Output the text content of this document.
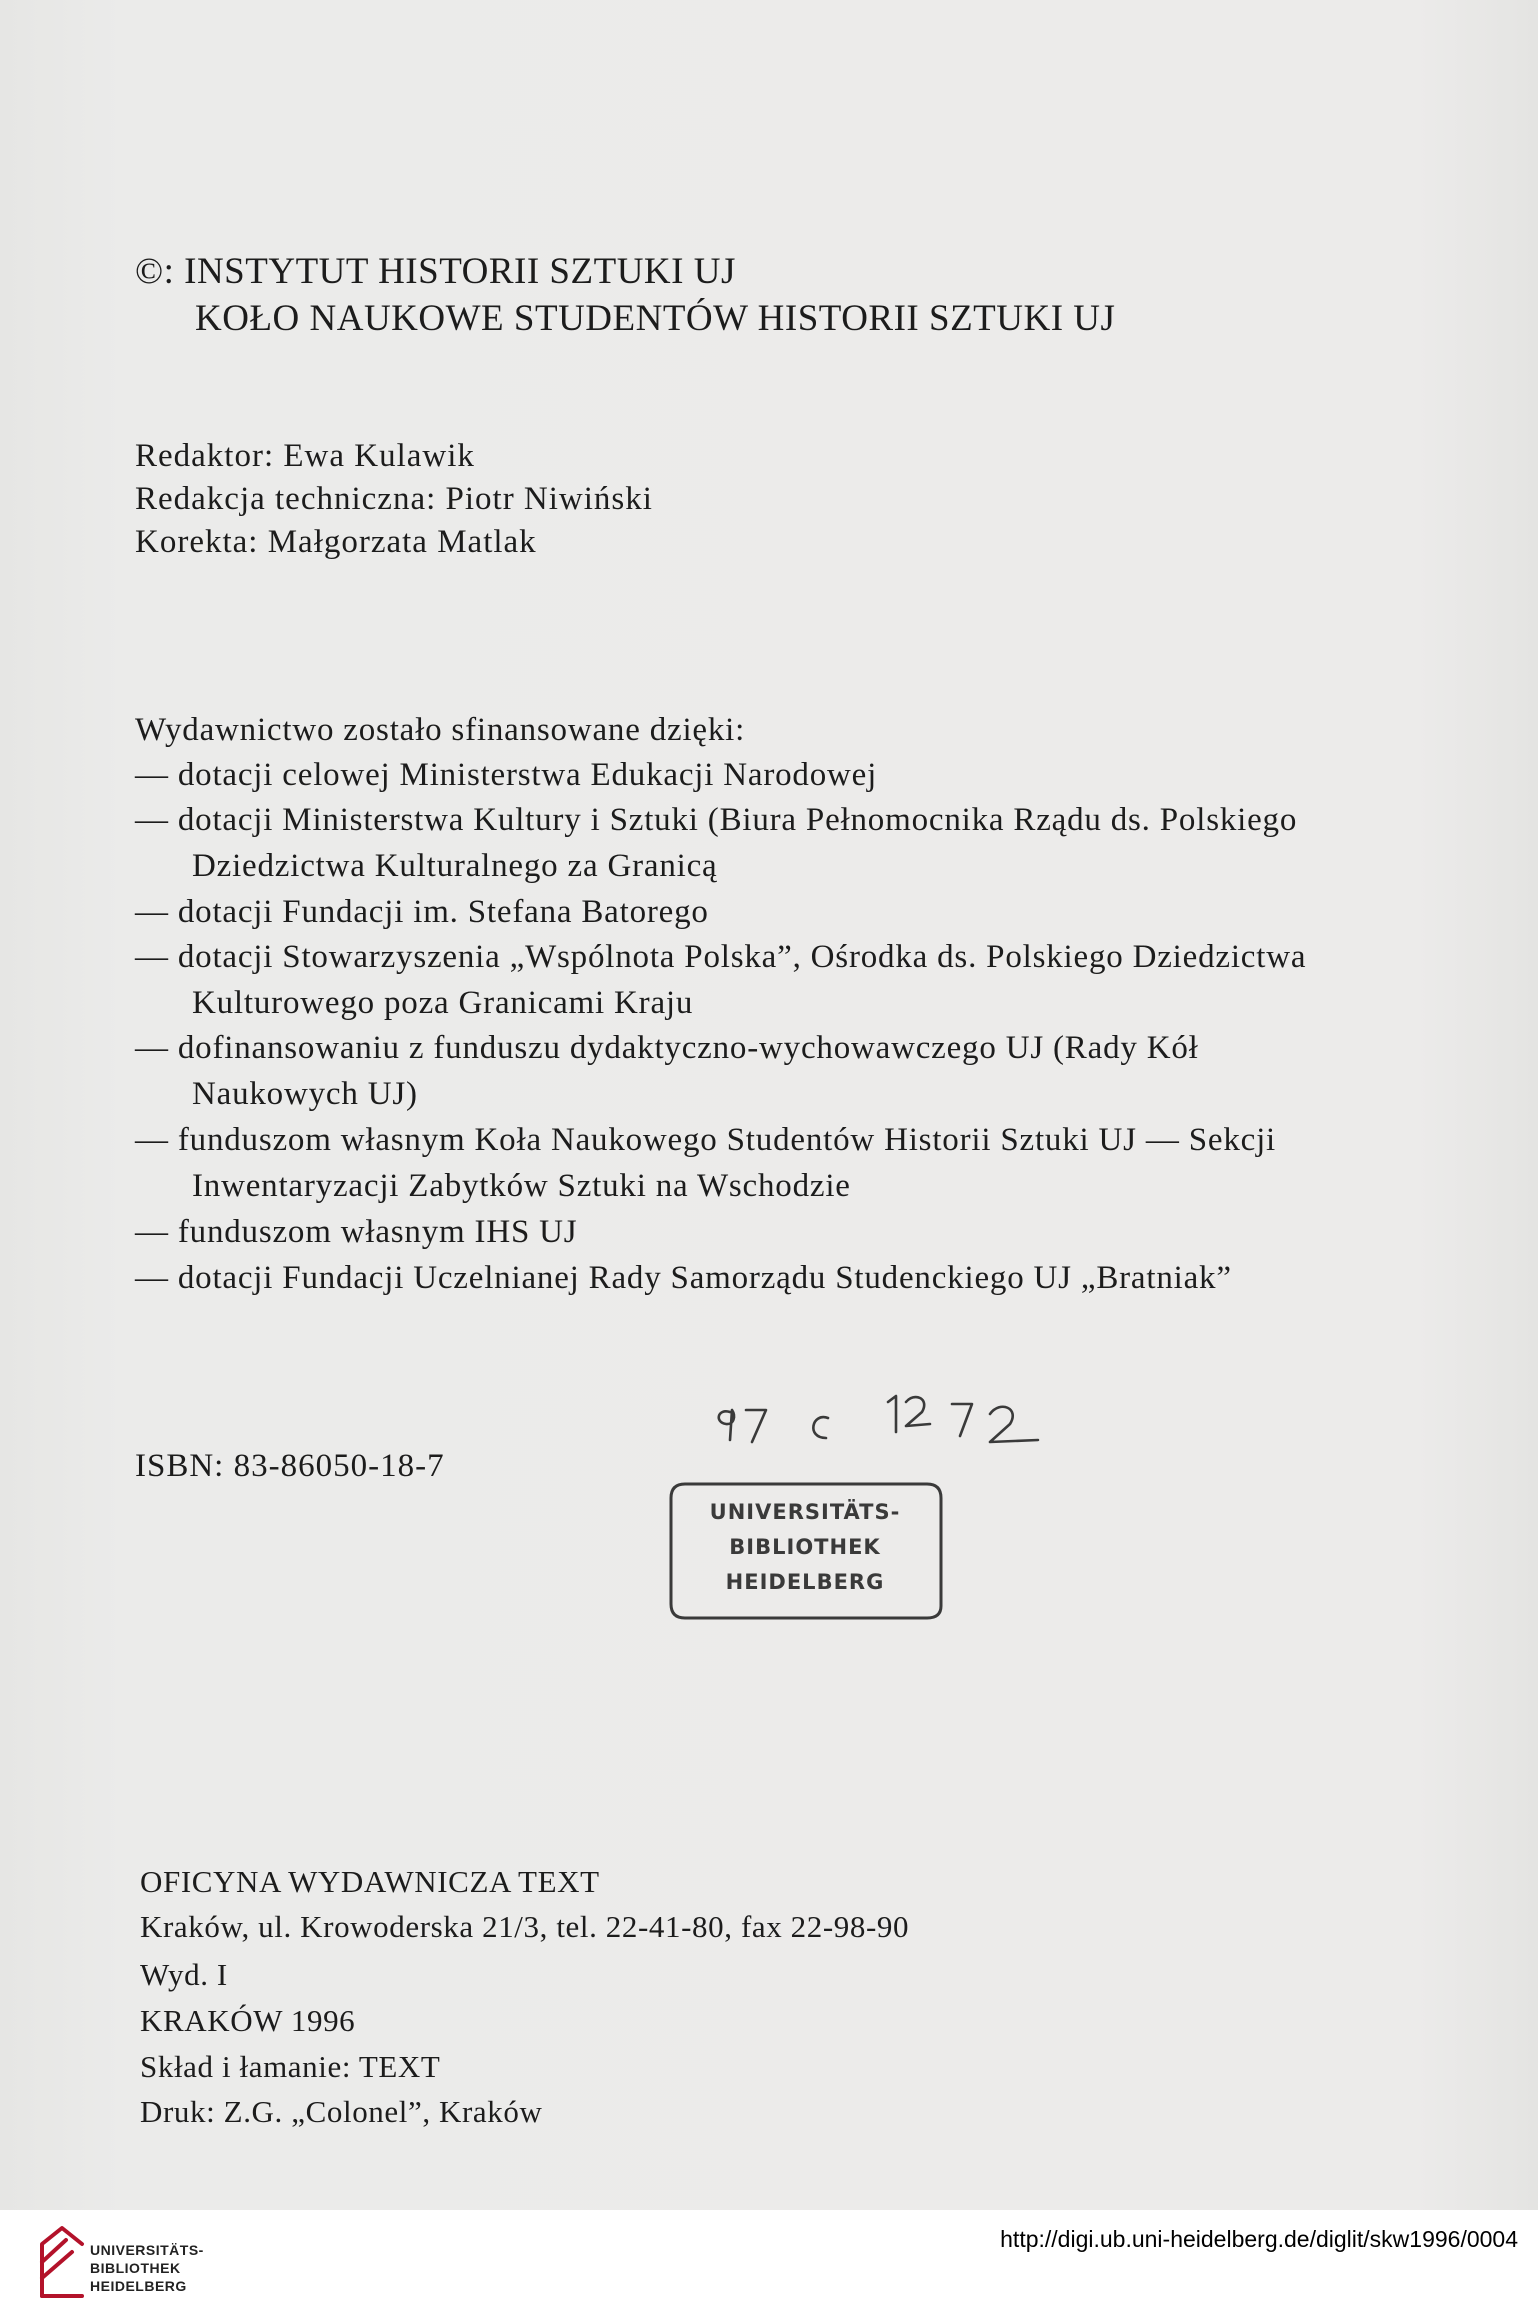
©: INSTYTUT HISTORII SZTUKI UJ
KOŁO NAUKOWE STUDENTÓW HISTORII SZTUKI UJ
Redaktor: Ewa Kulawik
Redakcja techniczna: Piotr Niwiński
Korekta: Małgorzata Matlak
Wydawnictwo zostało sfinansowane dzięki:
— dotacji celowej Ministerstwa Edukacji Narodowej
— dotacji Ministerstwa Kultury i Sztuki (Biura Pełnomocnika Rządu ds. Polskiego
Dziedzictwa Kulturalnego za Granicą
— dotacji Fundacji im. Stefana Batorego
— dotacji Stowarzyszenia „Wspólnota Polska”, Ośrodka ds. Polskiego Dziedzictwa
Kulturowego poza Granicami Kraju
— dofinansowaniu z funduszu dydaktyczno-wychowawczego UJ (Rady Kół
Naukowych UJ)
— funduszom własnym Koła Naukowego Studentów Historii Sztuki UJ — Sekcji
Inwentaryzacji Zabytków Sztuki na Wschodzie
— funduszom własnym IHS UJ
— dotacji Fundacji Uczelnianej Rady Samorządu Studenckiego UJ „Bratniak”
ISBN: 83-86050-18-7
UNIVERSITÄTS-
BIBLIOTHEK
HEIDELBERG
OFICYNA WYDAWNICZA TEXT
Kraków, ul. Krowoderska 21/3, tel. 22-41-80, fax 22-98-90
Wyd. I
KRAKÓW 1996
Skład i łamanie: TEXT
Druk: Z.G. „Colonel”, Kraków
UNIVERSITÄTS-
BIBLIOTHEK
HEIDELBERG
http://digi.ub.uni-heidelberg.de/diglit/skw1996/0004
